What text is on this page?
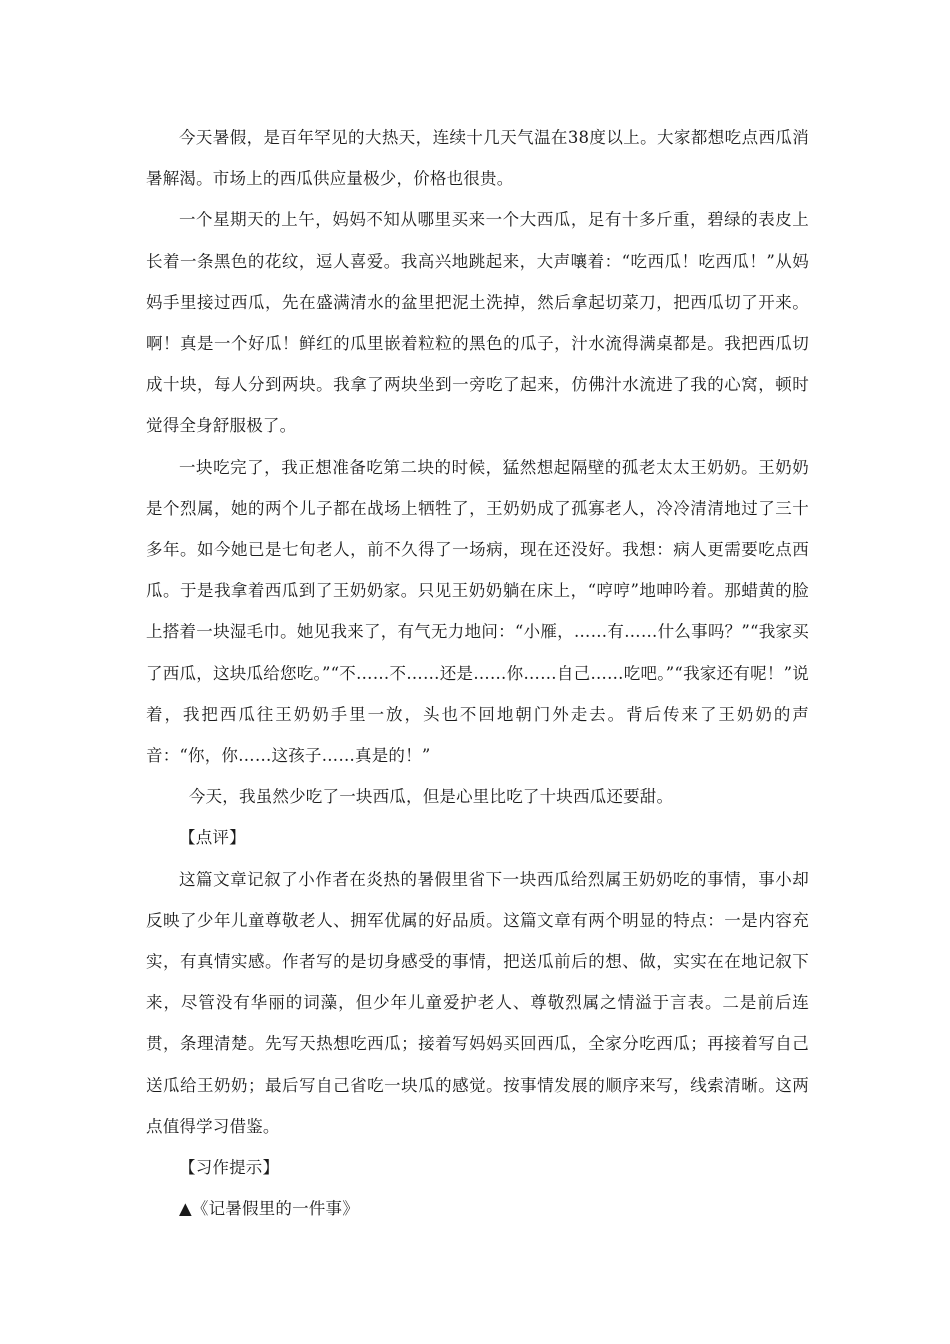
今天暑假，是百年罕见的大热天，连续十几天气温在38度以上。大家都想吃点西瓜消暑解渴。市场上的西瓜供应量极少，价格也很贵。

一个星期天的上午，妈妈不知从哪里买来一个大西瓜，足有十多斤重，碧绿的表皮上长着一条黑色的花纹，逗人喜爱。我高兴地跳起来，大声嚷着：“吃西瓜！吃西瓜！”从妈妈手里接过西瓜，先在盛满清水的盆里把泥土洗掉，然后拿起切菜刀，把西瓜切了开来。啊！真是一个好瓜！鲜红的瓜里嵌着粒粒的黑色的瓜子，汁水流得满桌都是。我把西瓜切成十块，每人分到两块。我拿了两块坐到一旁吃了起来，仿佛汁水流进了我的心窝，顿时觉得全身舒服极了。

一块吃完了，我正想准备吃第二块的时候，猛然想起隔壁的孤老太太王奶奶。王奶奶是个烈属，她的两个儿子都在战场上牺牲了，王奶奶成了孤寡老人，冷冷清清地过了三十多年。如今她已是七旬老人，前不久得了一场病，现在还没好。我想：病人更需要吃点西瓜。于是我拿着西瓜到了王奶奶家。只见王奶奶躺在床上，“哼哼”地呻吟着。那蜡黄的脸上搭着一块湿毛巾。她见我来了，有气无力地问：“小雁，……有……什么事吗？”“我家买了西瓜，这块瓜给您吃。”“不……不……还是……你……自己……吃吧。”“我家还有呢！”说着，我把西瓜往王奶奶手里一放，头也不回地朝门外走去。背后传来了王奶奶的声音：“你，你……这孩子……真是的！”

今天，我虽然少吃了一块西瓜，但是心里比吃了十块西瓜还要甜。

【点评】

这篇文章记叙了小作者在炎热的暑假里省下一块西瓜给烈属王奶奶吃的事情，事小却反映了少年儿童尊敬老人、拥军优属的好品质。这篇文章有两个明显的特点：一是内容充实，有真情实感。作者写的是切身感受的事情，把送瓜前后的想、做，实实在在地记叙下来，尽管没有华丽的词藻，但少年儿童爱护老人、尊敬烈属之情溢于言表。二是前后连贯，条理清楚。先写天热想吃西瓜；接着写妈妈买回西瓜，全家分吃西瓜；再接着写自己送瓜给王奶奶；最后写自己省吃一块瓜的感觉。按事情发展的顺序来写，线索清晰。这两点值得学习借鉴。

【习作提示】

▲《记暑假里的一件事》
